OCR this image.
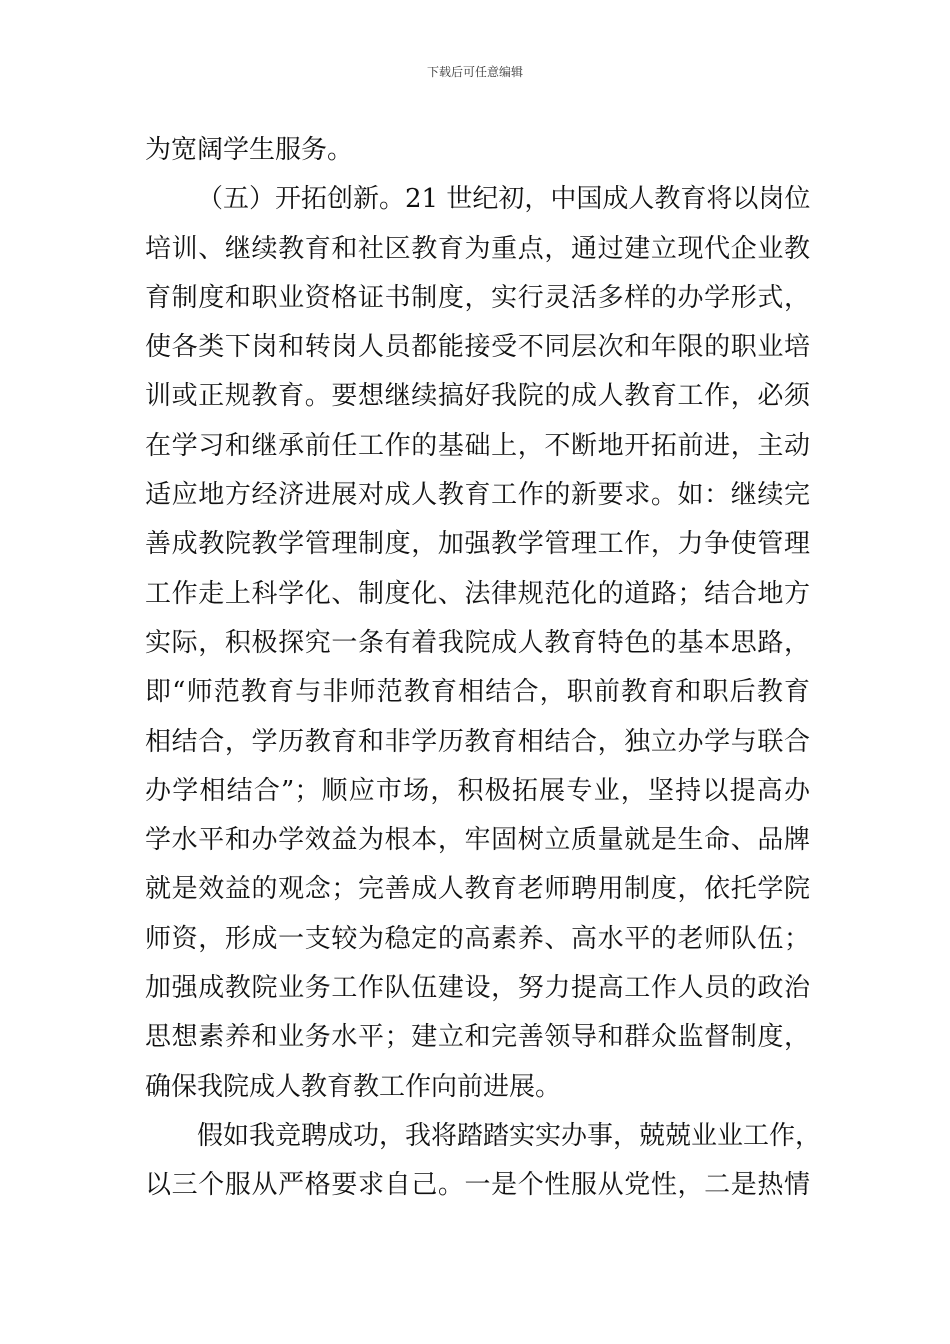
下载后可任意编辑
为宽阔学生服务。
（五）开拓创新。21 世纪初，中国成人教育将以岗位
培训、继续教育和社区教育为重点，通过建立现代企业教
育制度和职业资格证书制度，实行灵活多样的办学形式，
使各类下岗和转岗人员都能接受不同层次和年限的职业培
训或正规教育。要想继续搞好我院的成人教育工作，必须
在学习和继承前任工作的基础上，不断地开拓前进，主动
适应地方经济进展对成人教育工作的新要求。如：继续完
善成教院教学管理制度，加强教学管理工作，力争使管理
工作走上科学化、制度化、法律规范化的道路；结合地方
实际，积极探究一条有着我院成人教育特色的基本思路，
即“师范教育与非师范教育相结合，职前教育和职后教育
相结合，学历教育和非学历教育相结合，独立办学与联合
办学相结合”；顺应市场，积极拓展专业，坚持以提高办
学水平和办学效益为根本，牢固树立质量就是生命、品牌
就是效益的观念；完善成人教育老师聘用制度，依托学院
师资，形成一支较为稳定的高素养、高水平的老师队伍；
加强成教院业务工作队伍建设，努力提高工作人员的政治
思想素养和业务水平；建立和完善领导和群众监督制度，
确保我院成人教育教工作向前进展。
假如我竞聘成功，我将踏踏实实办事，兢兢业业工作，
以三个服从严格要求自己。一是个性服从党性，二是热情
